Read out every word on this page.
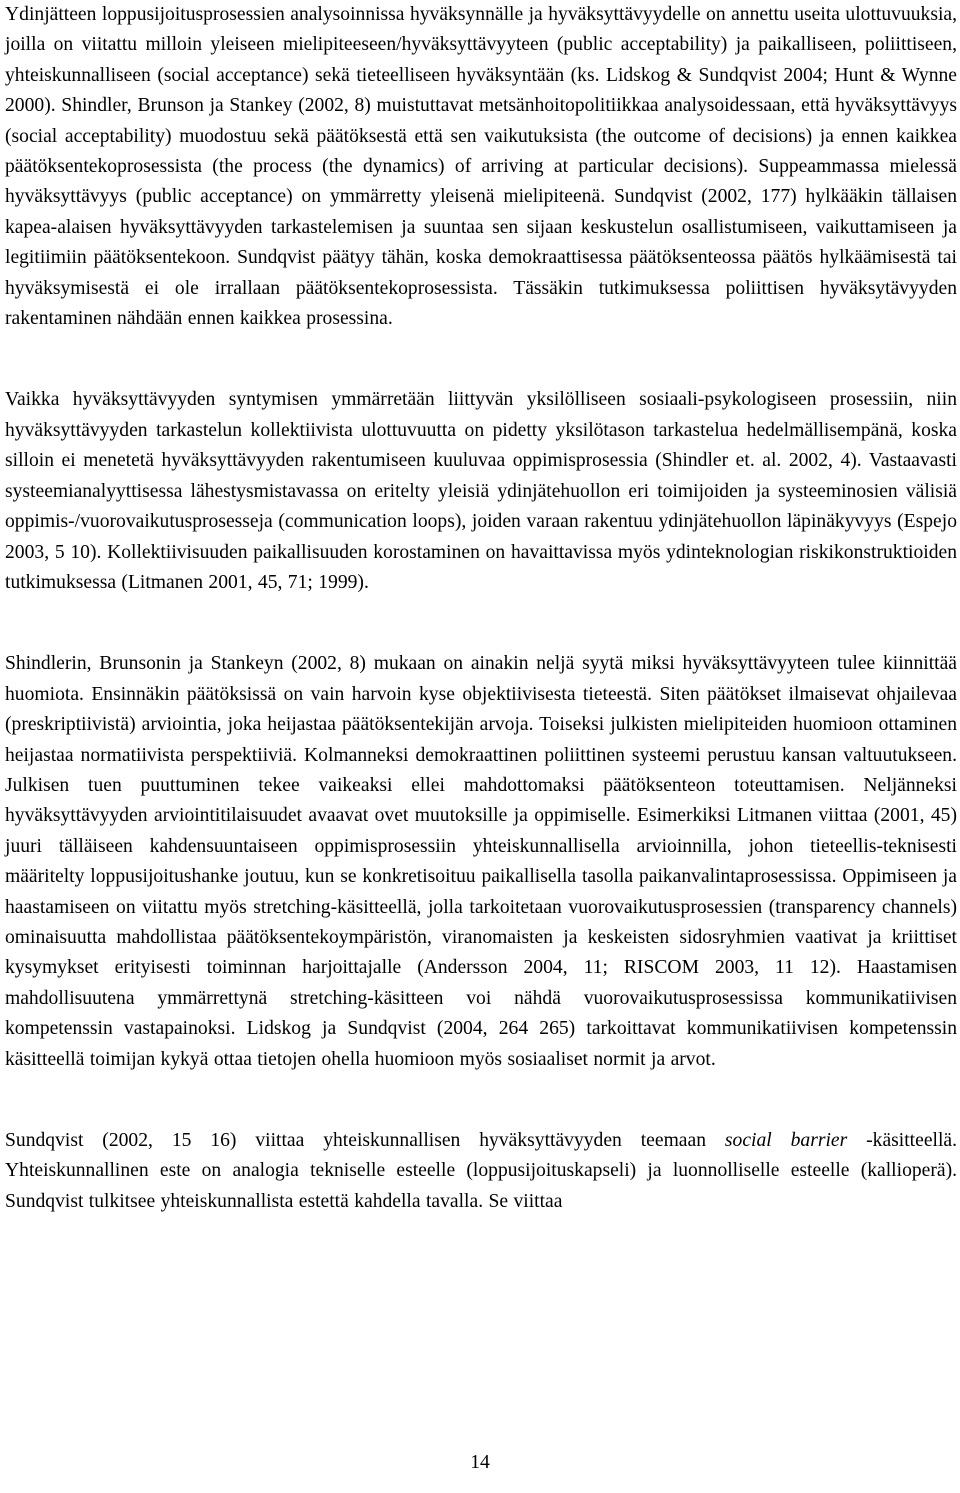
Ydinjätteen loppusijoitusprosessien analysoinnissa hyväksynnälle ja hyväksyttävyydelle on annettu useita ulottuvuuksia, joilla on viitattu milloin yleiseen mielipiteeseen/hyväksyttävyyteen (public acceptability) ja paikalliseen, poliittiseen, yhteiskunnalliseen (social acceptance) sekä tieteelliseen hyväksyntään (ks. Lidskog & Sundqvist 2004; Hunt & Wynne 2000). Shindler, Brunson ja Stankey (2002, 8) muistuttavat metsänhoitopolitiikkaa analysoidessaan, että hyväksyttävyys (social acceptability) muodostuu sekä päätöksestä että sen vaikutuksista (the outcome of decisions) ja ennen kaikkea päätöksentekoprosessista (the process (the dynamics) of arriving at particular decisions). Suppeammassa mielessä hyväksyttävyys (public acceptance) on ymmärretty yleisenä mielipiteenä. Sundqvist (2002, 177) hylkääkin tällaisen kapea-alaisen hyväksyttävyyden tarkastelemisen ja suuntaa sen sijaan keskustelun osallistumiseen, vaikuttamiseen ja legitiimiin päätöksentekoon. Sundqvist päätyy tähän, koska demokraattisessa päätöksenteossa päätös hylkäämisestä tai hyväksymisestä ei ole irrallaan päätöksentekoprosessista. Tässäkin tutkimuksessa poliittisen hyväksytävyyden rakentaminen nähdään ennen kaikkea prosessina.

Vaikka hyväksyttävyyden syntymisen ymmärretään liittyvän yksilölliseen sosiaali-psykologiseen prosessiin, niin hyväksyttävyyden tarkastelun kollektiivista ulottuvuutta on pidetty yksilötason tarkastelua hedelmällisempänä, koska silloin ei menetetä hyväksyttävyyden rakentumiseen kuuluvaa oppimisprosessia (Shindler et. al. 2002, 4). Vastaavasti systeemianalyyttisessa lähestysmistavassa on eritelty yleisiä ydinjätehuollon eri toimijoiden ja systeeminosien välisiä oppimis-/vuorovaikutusprosesseja (communication loops), joiden varaan rakentuu ydinjätehuollon läpinäkyvyys (Espejo 2003, 5 10). Kollektiivisuuden paikallisuuden korostaminen on havaittavissa myös ydinteknologian riskikonstruktioiden tutkimuksessa (Litmanen 2001, 45, 71; 1999).

Shindlerin, Brunsonin ja Stankeyn (2002, 8) mukaan on ainakin neljä syytä miksi hyväksyttävyyteen tulee kiinnittää huomiota. Ensinnäkin päätöksissä on vain harvoin kyse objektiivisesta tieteestä. Siten päätökset ilmaisevat ohjailevaa (preskriptiivistä) arviointia, joka heijastaa päätöksentekijän arvoja. Toiseksi julkisten mielipiteiden huomioon ottaminen heijastaa normatiivista perspektiiviä. Kolmanneksi demokraattinen poliittinen systeemi perustuu kansan valtuutukseen. Julkisen tuen puuttuminen tekee vaikeaksi ellei mahdottomaksi päätöksenteon toteuttamisen. Neljänneksi hyväksyttävyyden arviointitilaisuudet avaavat ovet muutoksille ja oppimiselle. Esimerkiksi Litmanen viittaa (2001, 45) juuri tälläiseen kahdensuuntaiseen oppimisprosessiin yhteiskunnallisella arvioinnilla, johon tieteellis-teknisesti määritelty loppusijoitushanke joutuu, kun se konkretisoituu paikallisella tasolla paikanvalintaprosessissa. Oppimiseen ja haastamiseen on viitattu myös stretching-käsitteellä, jolla tarkoitetaan vuorovaikutusprosessien (transparency channels) ominaisuutta mahdollistaa päätöksentekoympäristön, viranomaisten ja keskeisten sidosryhmien vaativat ja kriittiset kysymykset erityisesti toiminnan harjoittajalle (Andersson 2004, 11; RISCOM 2003, 11 12). Haastamisen mahdollisuutena ymmärrettynä stretching-käsitteen voi nähdä vuorovaikutusprosessissa kommunikatiivisen kompetenssin vastapainoksi. Lidskog ja Sundqvist (2004, 264 265) tarkoittavat kommunikatiivisen kompetenssin käsitteellä toimijan kykyä ottaa tietojen ohella huomioon myös sosiaaliset normit ja arvot.

Sundqvist (2002, 15 16) viittaa yhteiskunnallisen hyväksyttävyyden teemaan social barrier -käsitteellä. Yhteiskunnallinen este on analogia tekniselle esteelle (loppusijoituskapseli) ja luonnolliselle esteelle (kallioperä). Sundqvist tulkitsee yhteiskunnallista estettä kahdella tavalla. Se viittaa

14
